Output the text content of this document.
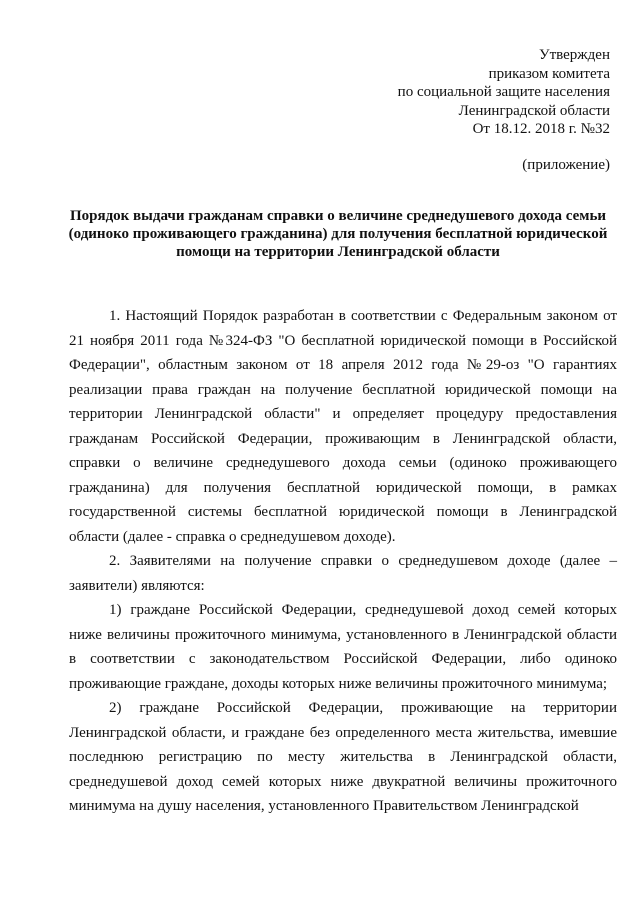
Утвержден
приказом комитета
по социальной защите населения
Ленинградской области
От 18.12. 2018 г. №32
(приложение)
Порядок выдачи гражданам справки о величине среднедушевого дохода семьи (одиноко проживающего гражданина) для получения бесплатной юридической помощи на территории Ленинградской области

1. Настоящий Порядок разработан в соответствии с Федеральным законом от 21 ноября 2011 года №324-ФЗ "О бесплатной юридической помощи в Российской Федерации", областным законом от 18 апреля 2012 года №29-оз "О гарантиях реализации права граждан на получение бесплатной юридической помощи на территории Ленинградской области" и определяет процедуру предоставления гражданам Российской Федерации, проживающим в Ленинградской области, справки о величине среднедушевого дохода семьи (одиноко проживающего гражданина) для получения бесплатной юридической помощи, в рамках государственной системы бесплатной юридической помощи в Ленинградской области (далее - справка о среднедушевом доходе).

2. Заявителями на получение справки о среднедушевом доходе (далее – заявители) являются:

1) граждане Российской Федерации, среднедушевой доход семей которых ниже величины прожиточного минимума, установленного в Ленинградской области в соответствии с законодательством Российской Федерации, либо одиноко проживающие граждане, доходы которых ниже величины прожиточного минимума;

2) граждане Российской Федерации, проживающие на территории Ленинградской области, и граждане без определенного места жительства, имевшие последнюю регистрацию по месту жительства в Ленинградской области, среднедушевой доход семей которых ниже двукратной величины прожиточного минимума на душу населения, установленного Правительством Ленинградской
